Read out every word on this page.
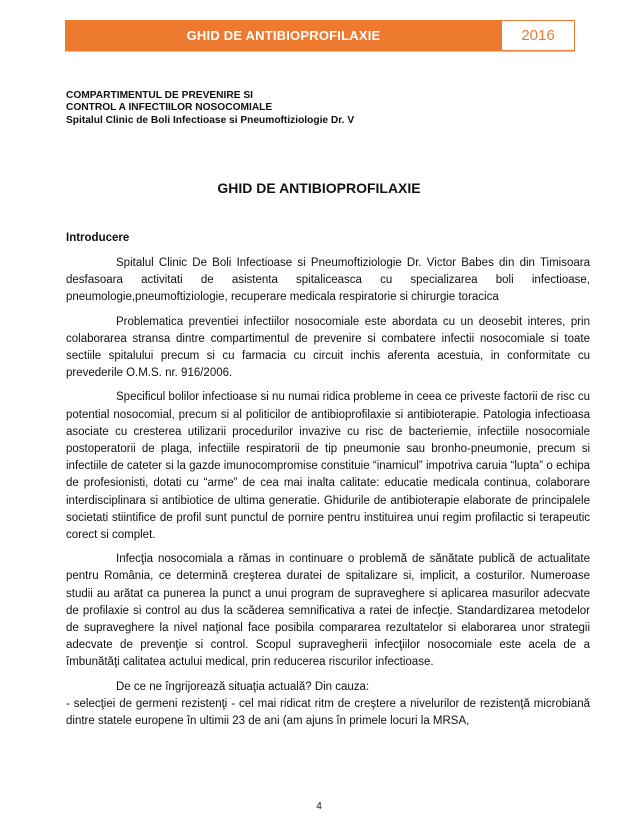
GHID DE ANTIBIOPROFILAXIE	2016
COMPARTIMENTUL DE PREVENIRE SI
CONTROL A INFECTIILOR NOSOCOMIALE
Spitalul Clinic de Boli Infectioase si Pneumoftiziologie Dr. V
GHID DE ANTIBIOPROFILAXIE
Introducere

Spitalul Clinic De Boli Infectioase si Pneumoftiziologie Dr. Victor Babes din din Timisoara desfasoara activitati de asistenta spitaliceasca cu specializarea boli infectioase, pneumologie,pneumoftiziologie, recuperare medicala respiratorie si chirurgie toracica

Problematica preventiei infectiilor nosocomiale este abordata cu un deosebit interes, prin colaborarea stransa dintre compartimentul de prevenire si combatere infectii nosocomiale si toate sectiile spitalului precum si cu farmacia cu circuit inchis aferenta acestuia, in conformitate cu prevederile O.M.S. nr. 916/2006.

Specificul bolilor infectioase si nu numai ridica probleme in ceea ce priveste factorii de risc cu potential nosocomial, precum si al politicilor de antibioprofilaxie si antibioterapie. Patologia infectioasa asociate cu cresterea utilizarii procedurilor invazive cu risc de bacteriemie, infectiile nosocomiale postoperatorii de plaga, infectiile respiratorii de tip pneumonie sau bronho-pneumonie, precum si infectiile de cateter si la gazde imunocompromise constituie “inamicul” impotriva caruia “lupta” o echipa de profesionisti, dotati cu “arme” de cea mai inalta calitate: educatie medicala continua, colaborare interdisciplinara si antibiotice de ultima generatie. Ghidurile de antibioterapie elaborate de principalele societati stiintifice de profil sunt punctul de pornire pentru instituirea unui regim profilactic si terapeutic corect si complet.

Infecţia nosocomiala a rămas in continuare o problemă de sănătate publică de actualitate pentru România, ce determină creşterea duratei de spitalizare si, implicit, a costurilor. Numeroase studii au arătat ca punerea la punct a unui program de supraveghere si aplicarea masurilor adecvate de profilaxie si control au dus la scăderea semnificativa a ratei de infecţie. Standardizarea metodelor de supraveghere la nivel naţional face posibila compararea rezultatelor si elaborarea unor strategii adecvate de prevenţie si control. Scopul supravegherii infecţiilor nosocomiale este acela de a îmbunătăţi calitatea actului medical, prin reducerea riscurilor infectioase.

De ce ne îngrijorează situaţia actuală? Din cauza:

- selecţiei de germeni rezistenţi - cel mai ridicat ritm de creştere a nivelurilor de rezistenţă microbiană dintre statele europene în ultimii 23 de ani (am ajuns în primele locuri la MRSA,

4
